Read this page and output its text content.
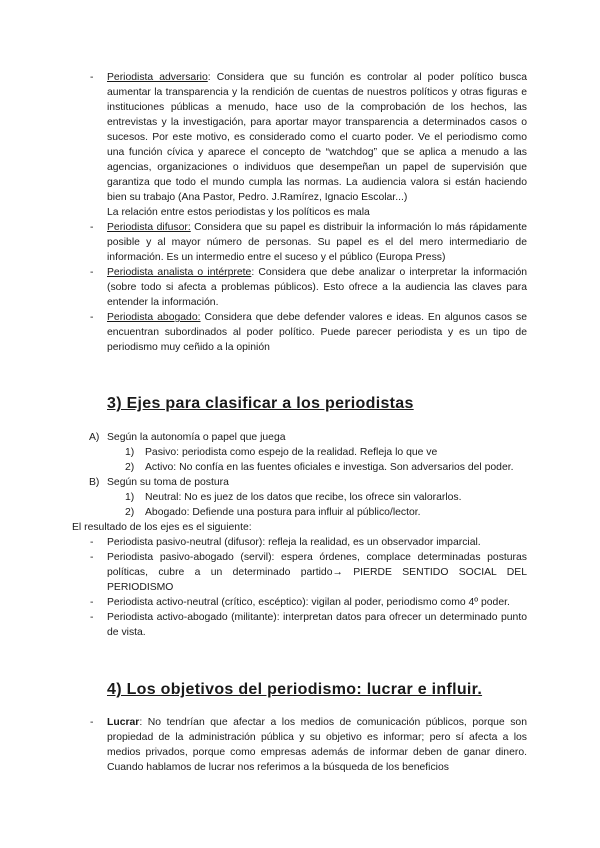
- Periodista adversario: Considera que su función es controlar al poder político busca aumentar la transparencia y la rendición de cuentas de nuestros políticos y otras figuras e instituciones públicas a menudo, hace uso de la comprobación de los hechos, las entrevistas y la investigación, para aportar mayor transparencia a determinados casos o sucesos. Por este motivo, es considerado como el cuarto poder. Ve el periodismo como una función cívica y aparece el concepto de “watchdog” que se aplica a menudo a las agencias, organizaciones o individuos que desempeñan un papel de supervisión que garantiza que todo el mundo cumpla las normas. La audiencia valora si están haciendo bien su trabajo (Ana Pastor, Pedro. J.Ramírez, Ignacio Escolar...)
La relación entre estos periodistas y los políticos es mala
- Periodista difusor: Considera que su papel es distribuir la información lo más rápidamente posible y al mayor número de personas. Su papel es el del mero intermediario de información. Es un intermedio entre el suceso y el público (Europa Press)
- Periodista analista o intérprete: Considera que debe analizar o interpretar la información (sobre todo si afecta a problemas públicos). Esto ofrece a la audiencia las claves para entender la información.
- Periodista abogado: Considera que debe defender valores e ideas. En algunos casos se encuentran subordinados al poder político. Puede parecer periodista y es un tipo de periodismo muy ceñido a la opinión
3) Ejes para clasificar a los periodistas
A) Según la autonomía o papel que juega
1) Pasivo: periodista como espejo de la realidad. Refleja lo que ve
2) Activo: No confía en las fuentes oficiales e investiga. Son adversarios del poder.
B) Según su toma de postura
1) Neutral: No es juez de los datos que recibe, los ofrece sin valorarlos.
2) Abogado: Defiende una postura para influir al público/lector.
El resultado de los ejes es el siguiente:
- Periodista pasivo-neutral (difusor): refleja la realidad, es un observador imparcial.
- Periodista pasivo-abogado (servil): espera órdenes, complace determinadas posturas políticas, cubre a un determinado partido→ PIERDE SENTIDO SOCIAL DEL PERIODISMO
- Periodista activo-neutral (crítico, escéptico): vigilan al poder, periodismo como 4º poder.
- Periodista activo-abogado (militante): interpretan datos para ofrecer un determinado punto de vista.
4) Los objetivos del periodismo: lucrar e influir.
- Lucrar: No tendrían que afectar a los medios de comunicación públicos, porque son propiedad de la administración pública y su objetivo es informar; pero sí afecta a los medios privados, porque como empresas además de informar deben de ganar dinero. Cuando hablamos de lucrar nos referimos a la búsqueda de los beneficios
